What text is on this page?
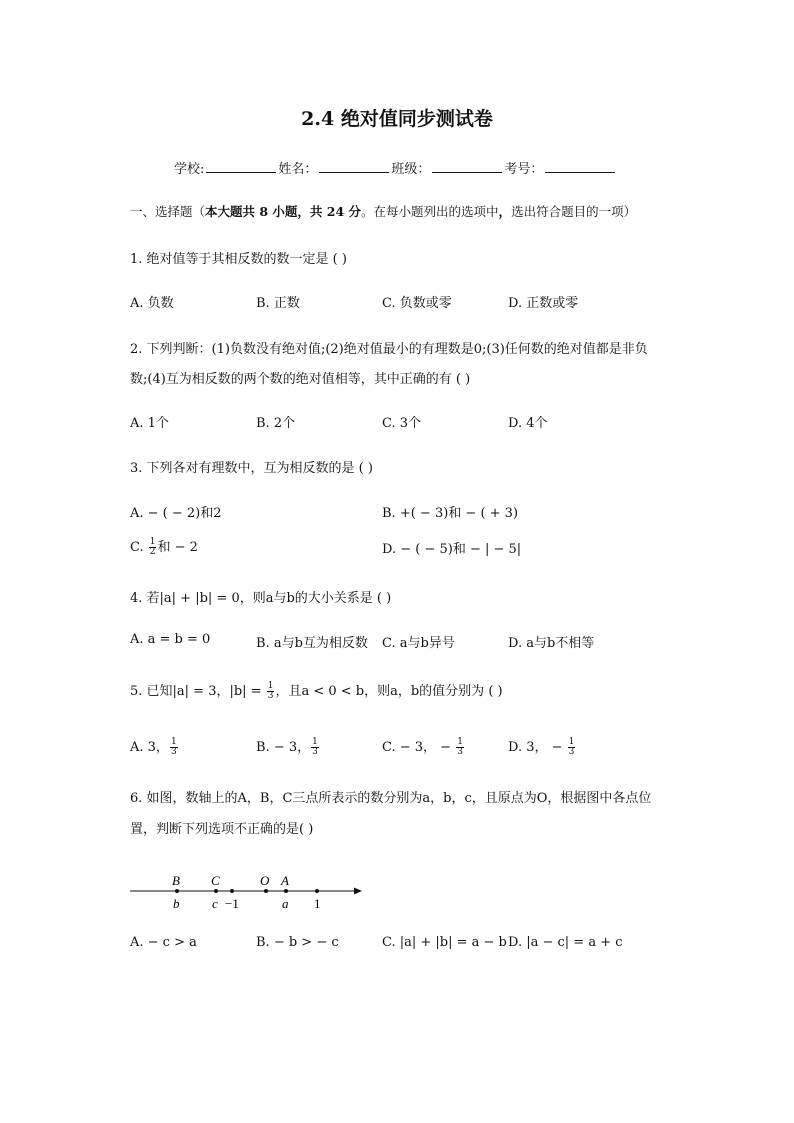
2.4 绝对值同步测试卷
学校:	姓名：	班级：	考号：
一、选择题（本大题共 8 小题，共 24 分。在每小题列出的选项中，选出符合题目的一项）
1. 绝对值等于其相反数的数一定是 ( )
A. 负数	B. 正数	C. 负数或零	D. 正数或零
2. 下列判断：(1)负数没有绝对值;(2)绝对值最小的有理数是0;(3)任何数的绝对值都是非负
数;(4)互为相反数的两个数的绝对值相等，其中正确的有 ( )
A. 1个	B. 2个	C. 3个	D. 4个
3. 下列各对有理数中，互为相反数的是 ( )
A. − ( − 2)和2	B. +( − 3)和 − ( + 3)
C. $\frac{1}{2}$ 和 − 2	D. − ( − 5)和 − | − 5|
4. 若|a| + |b| = 0，则a与b的大小关系是 ( )
A. a = b = 0	B. a与b互为相反数 C. a与b异号	D. a与b不相等
5. 已知|a| = 3，$|b| = \frac{1}{3}$ ，且a < 0 < b，则a，b的值分别为 ( )
A. 3， $\frac{1}{3}$	B. − 3， $\frac{1}{3}$	C. − 3， − $\frac{1}{3}$	D. 3， − $\frac{1}{3}$
6. 如图，数轴上的A，B，C三点所表示的数分别为a，b，c，且原点为O，根据图中各点位
置，判断下列选项不正确的是( )
B C	O A
b	c −1	a 1
A. − c > a	B. − b > − c	C. |a| + |b| = a − b D. |a − c| = a + c
